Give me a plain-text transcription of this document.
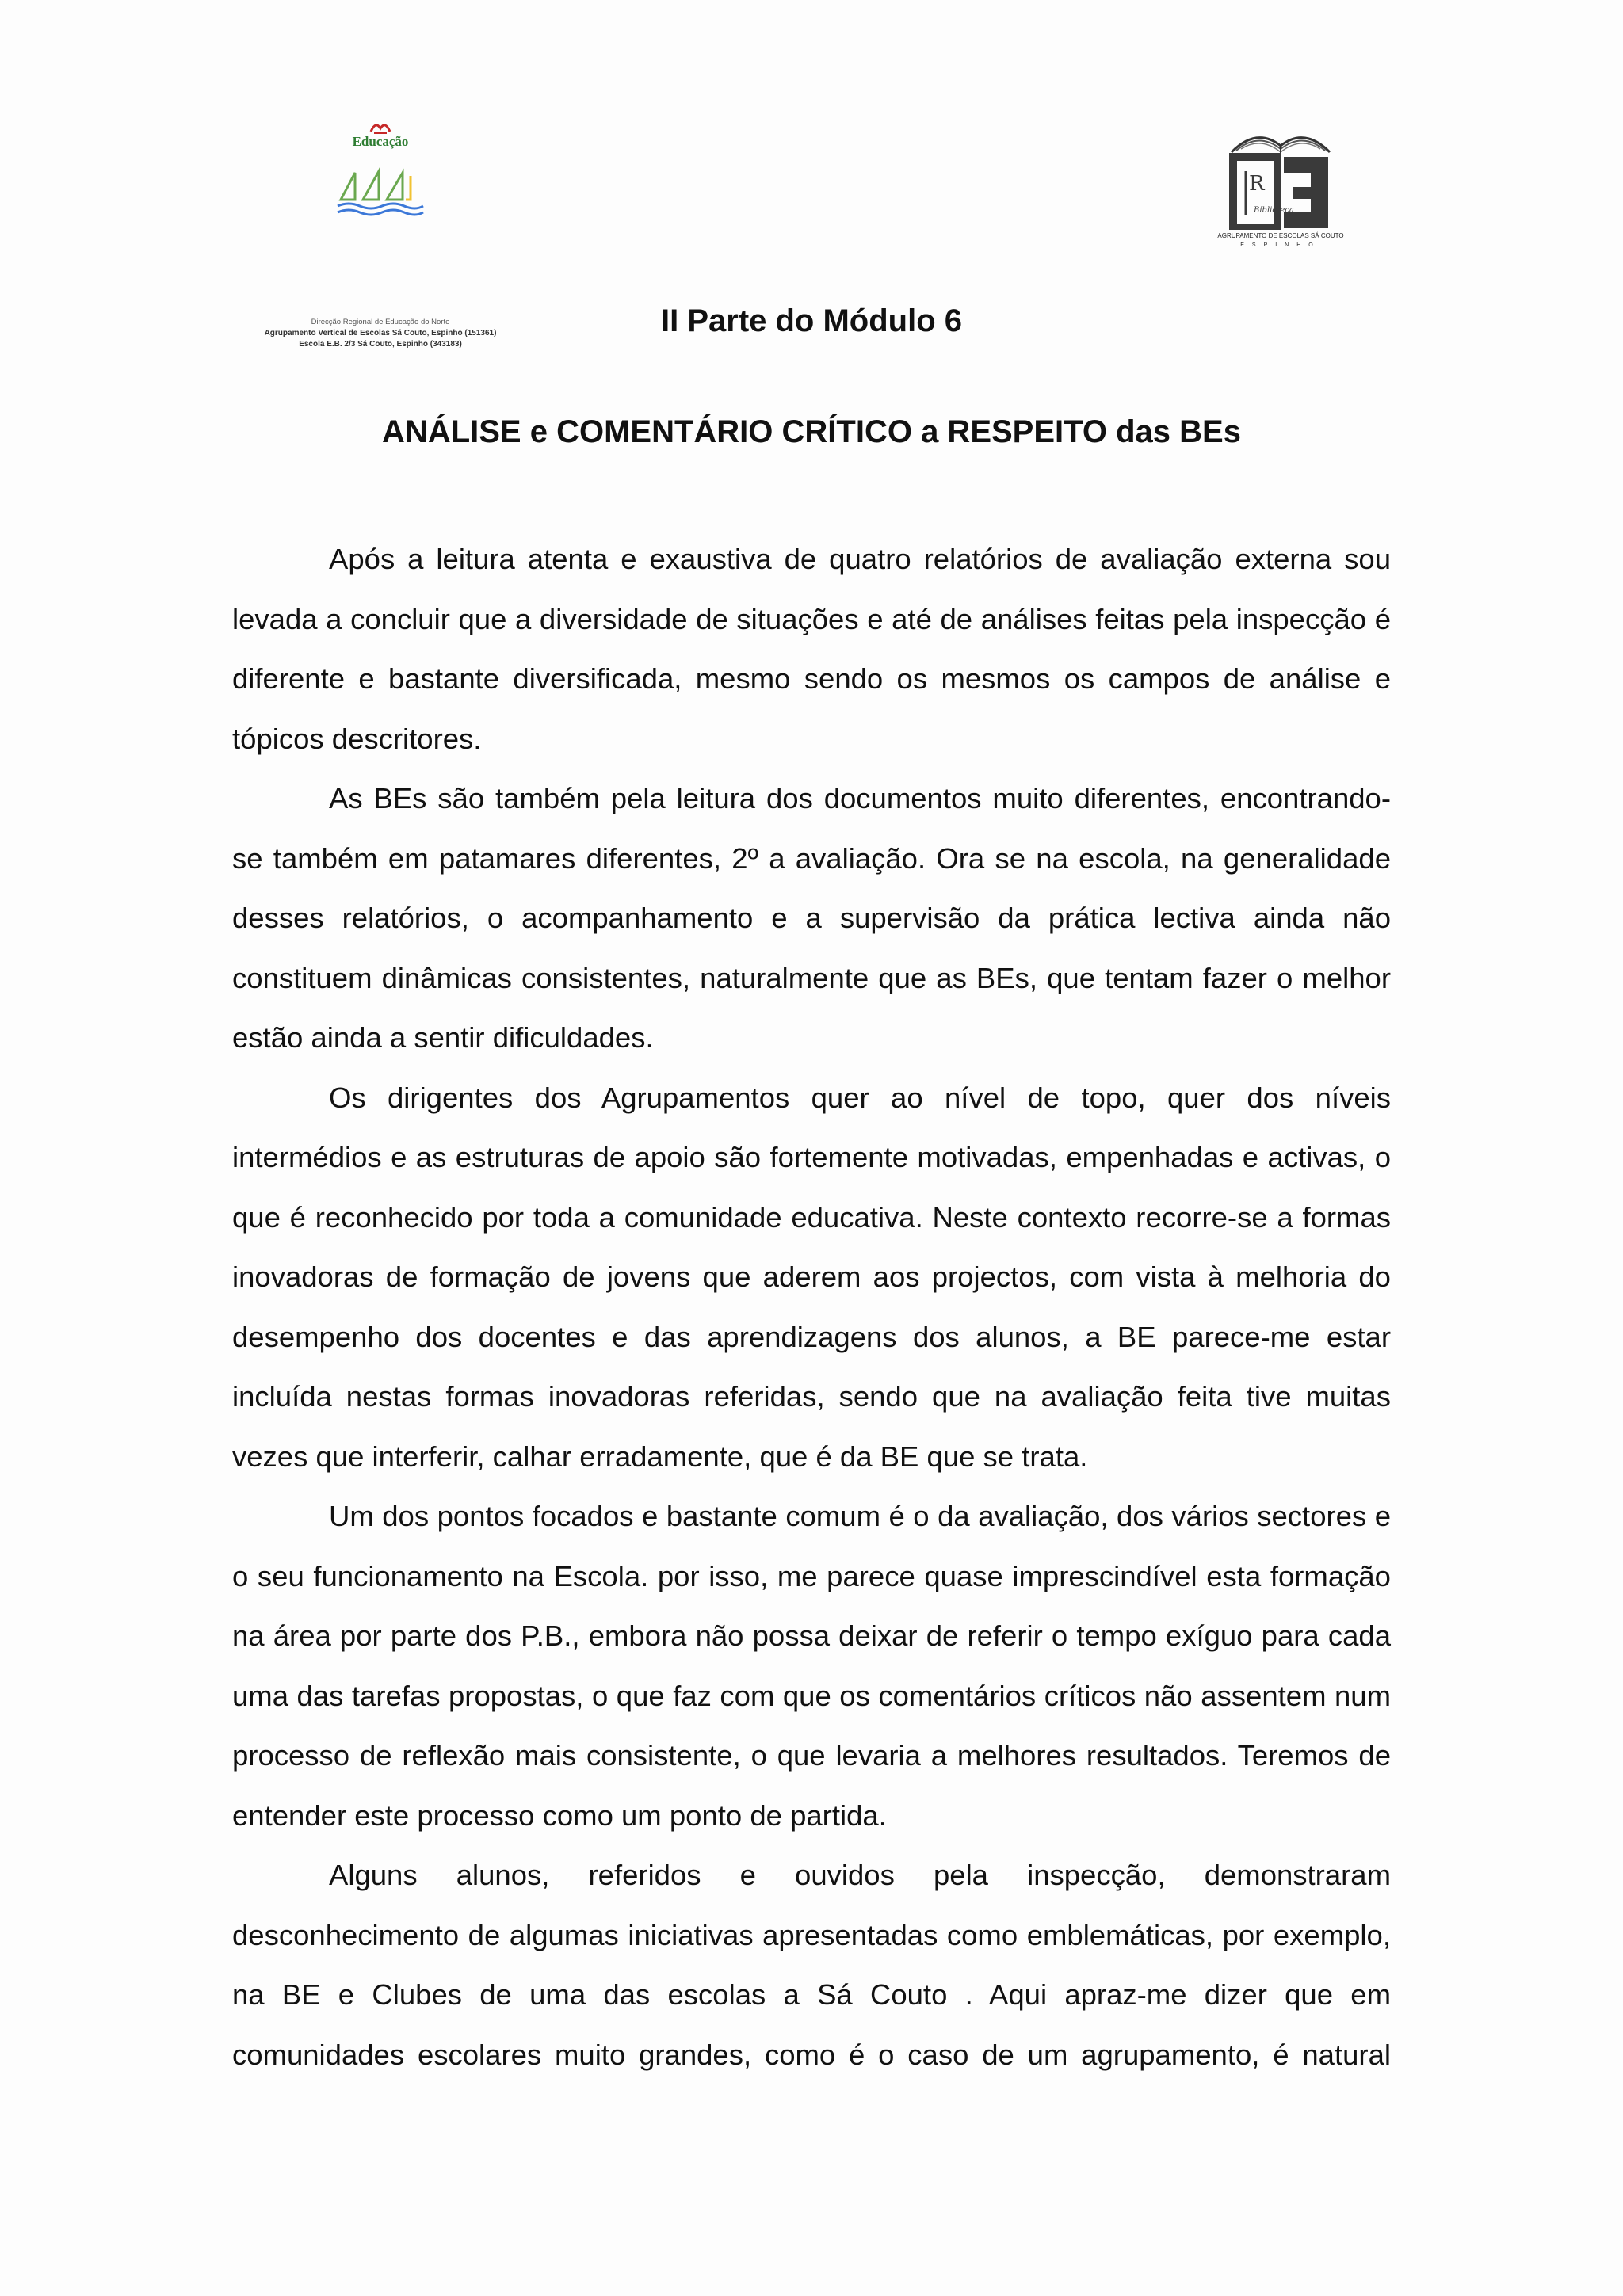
Educação
Direcção Regional de Educação do Norte
Agrupamento Vertical de Escolas Sá Couto, Espinho (151361)
Escola E.B. 2/3 Sá Couto, Espinho (343183)
R
Biblioteca
AGRUPAMENTO DE ESCOLAS SÁ COUTO
ESPINHO
II Parte do Módulo 6
ANÁLISE e COMENTÁRIO CRÍTICO a RESPEITO das BEs

Após a leitura atenta e exaustiva de quatro relatórios de avaliação externa sou levada a concluir que a diversidade de situações e até de análises feitas pela inspecção é diferente e bastante diversificada, mesmo sendo os mesmos os campos de análise e tópicos descritores.

As BEs são também pela leitura dos documentos muito diferentes, encontrando-se também em patamares diferentes, 2º a avaliação. Ora se na escola, na generalidade desses relatórios, o acompanhamento e a supervisão da prática lectiva ainda não constituem dinâmicas consistentes, naturalmente que as BEs, que tentam fazer o melhor estão ainda a sentir dificuldades.

Os dirigentes dos Agrupamentos quer ao nível de topo, quer dos níveis intermédios e as estruturas de apoio são fortemente motivadas, empenhadas e activas, o que é reconhecido por toda a comunidade educativa. Neste contexto recorre-se a formas inovadoras de formação de jovens que aderem aos projectos, com vista à melhoria do desempenho dos docentes e das aprendizagens dos alunos, a BE parece-me estar incluída nestas formas inovadoras referidas, sendo que na avaliação feita tive muitas vezes que interferir, calhar erradamente, que é da BE que se trata.

Um dos pontos focados e bastante comum é o da avaliação, dos vários sectores e o seu funcionamento na Escola. por isso, me parece quase imprescindível esta formação na área por parte dos P.B., embora não possa deixar de referir o tempo exíguo para cada uma das tarefas propostas, o que faz com que os comentários críticos não assentem num processo de reflexão mais consistente, o que levaria a melhores resultados. Teremos de entender este processo como um ponto de partida.

Alguns alunos, referidos e ouvidos pela inspecção, demonstraram desconhecimento de algumas iniciativas apresentadas como emblemáticas, por exemplo, na BE e Clubes de uma das escolas a Sá Couto . Aqui apraz-me dizer que em comunidades escolares muito grandes, como é o caso de um agrupamento, é natural
